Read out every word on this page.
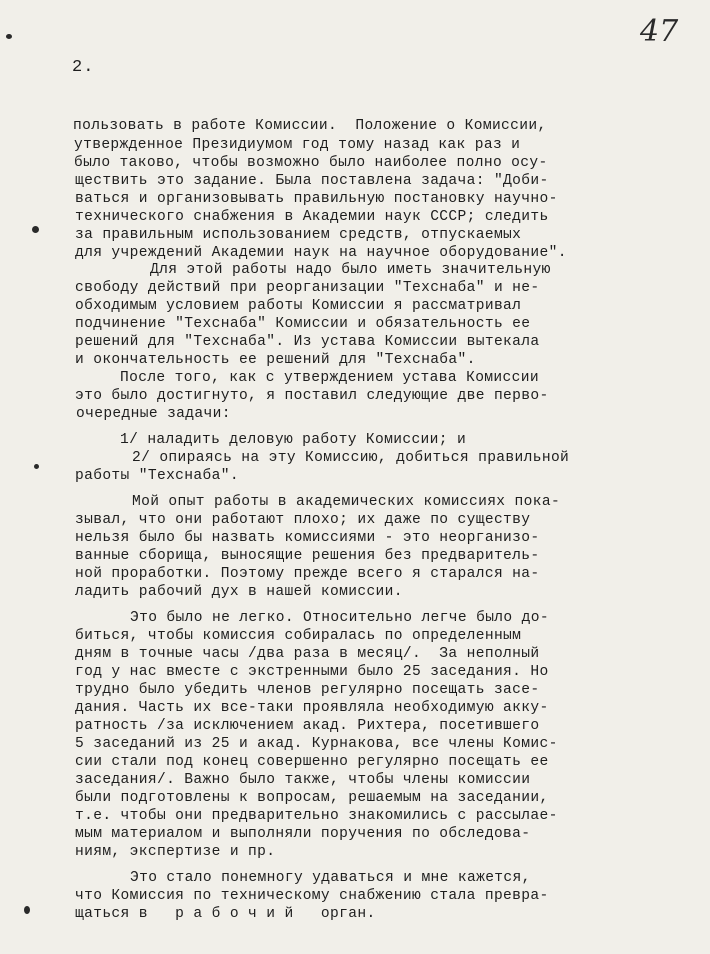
47
2.
пользовать в работе Комиссии.  Положение о Комиссии,
утвержденное Президиумом год тому назад как раз и
было таково, чтобы возможно было наиболее полно осу-
ществить это задание. Была поставлена задача: "Доби-
ваться и организовывать правильную постановку научно-
технического снабжения в Академии наук СССР; следить
за правильным использованием средств, отпускаемых
для учреждений Академии наук на научное оборудование".
Для этой работы надо было иметь значительную
свободу действий при реорганизации "Техснаба" и не-
обходимым условием работы Комиссии я рассматривал
подчинение "Техснаба" Комиссии и обязательность ее
решений для "Техснаба". Из устава Комиссии вытекала
и окончательность ее решений для "Техснаба".
После того, как с утверждением устава Комиссии
это было достигнуто, я поставил следующие две перво-
очередные задачи:
1/ наладить деловую работу Комиссии; и
2/ опираясь на эту Комиссию, добиться правильной
работы "Техснаба".
Мой опыт работы в академических комиссиях пока-
зывал, что они работают плохо; их даже по существу
нельзя было бы назвать комиссиями - это неорганизо-
ванные сборища, выносящие решения без предваритель-
ной проработки. Поэтому прежде всего я старался на-
ладить рабочий дух в нашей комиссии.
Это было не легко. Относительно легче было до-
биться, чтобы комиссия собиралась по определенным
дням в точные часы /два раза в месяц/.  За неполный
год у нас вместе с экстренными было 25 заседания. Но
трудно было убедить членов регулярно посещать засе-
дания. Часть их все-таки проявляла необходимую акку-
ратность /за исключением акад. Рихтера, посетившего
5 заседаний из 25 и акад. Курнакова, все члены Комис-
сии стали под конец совершенно регулярно посещать ее
заседания/. Важно было также, чтобы члены комиссии
были подготовлены к вопросам, решаемым на заседании,
т.е. чтобы они предварительно знакомились с рассылае-
мым материалом и выполняли поручения по обследова-
ниям, экспертизе и пр.
Это стало понемногу удаваться и мне кажется,
что Комиссия по техническому снабжению стала превра-
щаться в   р а б о ч и й   орган.
